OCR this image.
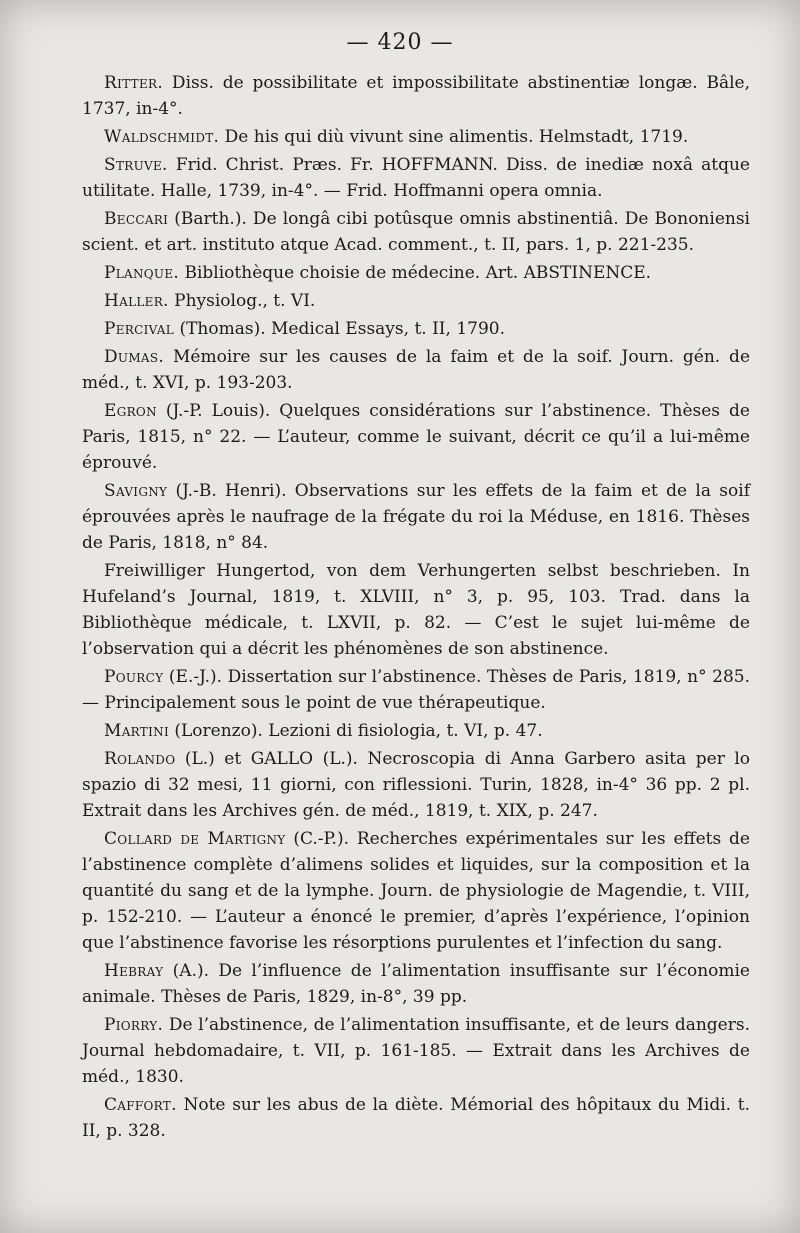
— 420 —

Ritter. Diss. de possibilitate et impossibilitate abstinentiæ longæ. Bâle, 1737, in-4°.

Waldschmidt. De his qui diù vivunt sine alimentis. Helmstadt, 1719.

Struve. Frid. Christ. Præs. Fr. HOFFMANN. Diss. de inediæ noxâ atque utilitate. Halle, 1739, in-4°. — Frid. Hoffmanni opera omnia.

Beccari (Barth.). De longâ cibi potûsque omnis abstinentiâ. De Bononiensi scient. et art. instituto atque Acad. comment., t. II, pars. 1, p. 221-235.

Planque. Bibliothèque choisie de médecine. Art. ABSTINENCE.

Haller. Physiolog., t. VI.

Percival (Thomas). Medical Essays, t. II, 1790.

Dumas. Mémoire sur les causes de la faim et de la soif. Journ. gén. de méd., t. XVI, p. 193-203.

Egron (J.-P. Louis). Quelques considérations sur l’abstinence. Thèses de Paris, 1815, n° 22. — L’auteur, comme le suivant, décrit ce qu’il a lui-même éprouvé.

Savigny (J.-B. Henri). Observations sur les effets de la faim et de la soif éprouvées après le naufrage de la frégate du roi la Méduse, en 1816. Thèses de Paris, 1818, n° 84.

Freiwilliger Hungertod, von dem Verhungerten selbst beschrieben. In Hufeland’s Journal, 1819, t. XLVIII, n° 3, p. 95, 103. Trad. dans la Bibliothèque médicale, t. LXVII, p. 82. — C’est le sujet lui-même de l’observation qui a décrit les phénomènes de son abstinence.

Pourcy (E.-J.). Dissertation sur l’abstinence. Thèses de Paris, 1819, n° 285. — Principalement sous le point de vue thérapeutique.

Martini (Lorenzo). Lezioni di fisiologia, t. VI, p. 47.

Rolando (L.) et GALLO (L.). Necroscopia di Anna Garbero asita per lo spazio di 32 mesi, 11 giorni, con riflessioni. Turin, 1828, in-4° 36 pp. 2 pl. Extrait dans les Archives gén. de méd., 1819, t. XIX, p. 247.

Collard de Martigny (C.-P.). Recherches expérimentales sur les effets de l’abstinence complète d’alimens solides et liquides, sur la composition et la quantité du sang et de la lymphe. Journ. de physiologie de Magendie, t. VIII, p. 152-210. — L’auteur a énoncé le premier, d’après l’expérience, l’opinion que l’abstinence favorise les résorptions purulentes et l’infection du sang.

Hebray (A.). De l’influence de l’alimentation insuffisante sur l’économie animale. Thèses de Paris, 1829, in-8°, 39 pp.

Piorry. De l’abstinence, de l’alimentation insuffisante, et de leurs dangers. Journal hebdomadaire, t. VII, p. 161-185. — Extrait dans les Archives de méd., 1830.

Caffort. Note sur les abus de la diète. Mémorial des hôpitaux du Midi. t. II, p. 328.
